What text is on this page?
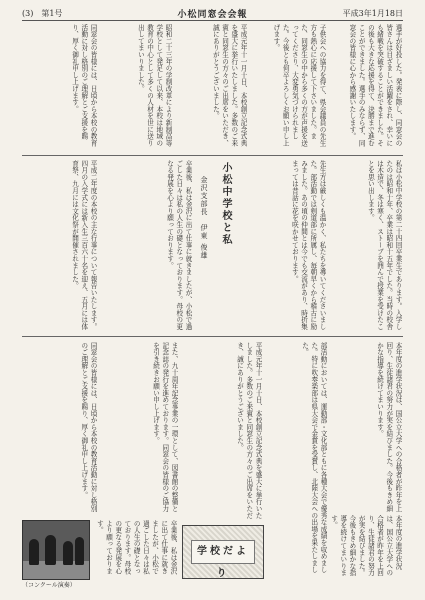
(3)　 第1号	小松同窓会会報	平成3年1月18日
選手が好投した。発表に際し、同窓会の皆さんは目ざましい活躍をされ、幸いにも緒戦を突破することができました。その後も大きな応援を得て、決勝まで進むことができました。選手のみならず、同窓会の皆様に心から感謝いたします。
子供会への協力を得て、県会議員の先生方も熱心に応援して下さいました。また、同窓生の中から多くの方が声援を送ってくださり、大変勇気づけられました。今後とも何卒よろしくお願い申し上げます。
平成元年十一月十日、本校創立記念式典を盛大に挙行いたしました。多数のご来賓と同窓生の方々のご出席をいただき、誠にありがとうございました。
昭和二十三年の学制改革により新制高等学校として発足して以来、本校は地域の教育の中心として多くの人材を世に送り出してまいりました。
同窓会の皆様には、日頃から本校の教育活動に対し格別のご理解とご支援を賜り、厚く御礼申し上げます。
小松中学校と私
金沢支部長　伊東 俊雄	私は小松中学校の第二十四回卒業生であります。入学したのは昭和十年、卒業は昭和十五年でした。当時の校舎は木造で、冬は寒く、ストーブを囲んで授業を受けたことを思い出します。
先生方は厳しくも温かく、私たちを導いてくださいました。部活動では剣道部に所属し、毎朝早くから稽古に励みました。あの頃の仲間とは今でも交流があり、時折集まっては昔話に花を咲かせております。
卒業後、私は金沢に出て仕事に就きましたが、小松で過ごした日々は私の人生の礎となっております。母校の更なる発展を心より願っております。
平成二年度の本校の主な行事について報告いたします。四月の入学式には新入生三百六十名を迎え、五月には体育祭、九月には文化祭が開催されました。
本年度の進学状況は、国公立大学への合格者が昨年を上回り、生徒諸君の努力が実を結びました。今後もきめ細かな指導を続けてまいります。
部活動においては、運動部・文化部ともに各種大会で優秀な成績を収めました。特に吹奏楽部は県大会で金賞を受賞し、北陸大会への出場を果たしました。
また、九十周年記念事業の一環として、図書館の整備と記念誌の発行を進めております。同窓会の皆様のご協力を引き続きお願い申し上げます。
同窓会の皆様には、日頃から本校の教育活動に対し格別のご理解とご支援を賜り、厚く御礼申し上げます。	平成元年十一月十日、本校創立記念式典を盛大に挙行いたしました。多数のご来賓と同窓生の方々のご出席をいただき、誠にありがとうございました。
本年度の進学状況は、国公立大学への合格者が昨年を上回り、生徒諸君の努力が実を結びました。今後もきめ細かな指導を続けてまいります。
卒業後、私は金沢に出て仕事に就きましたが、小松で過ごした日々は私の人生の礎となっております。母校の更なる発展を心より願っております。
学校だより
（コンクール演奏）
